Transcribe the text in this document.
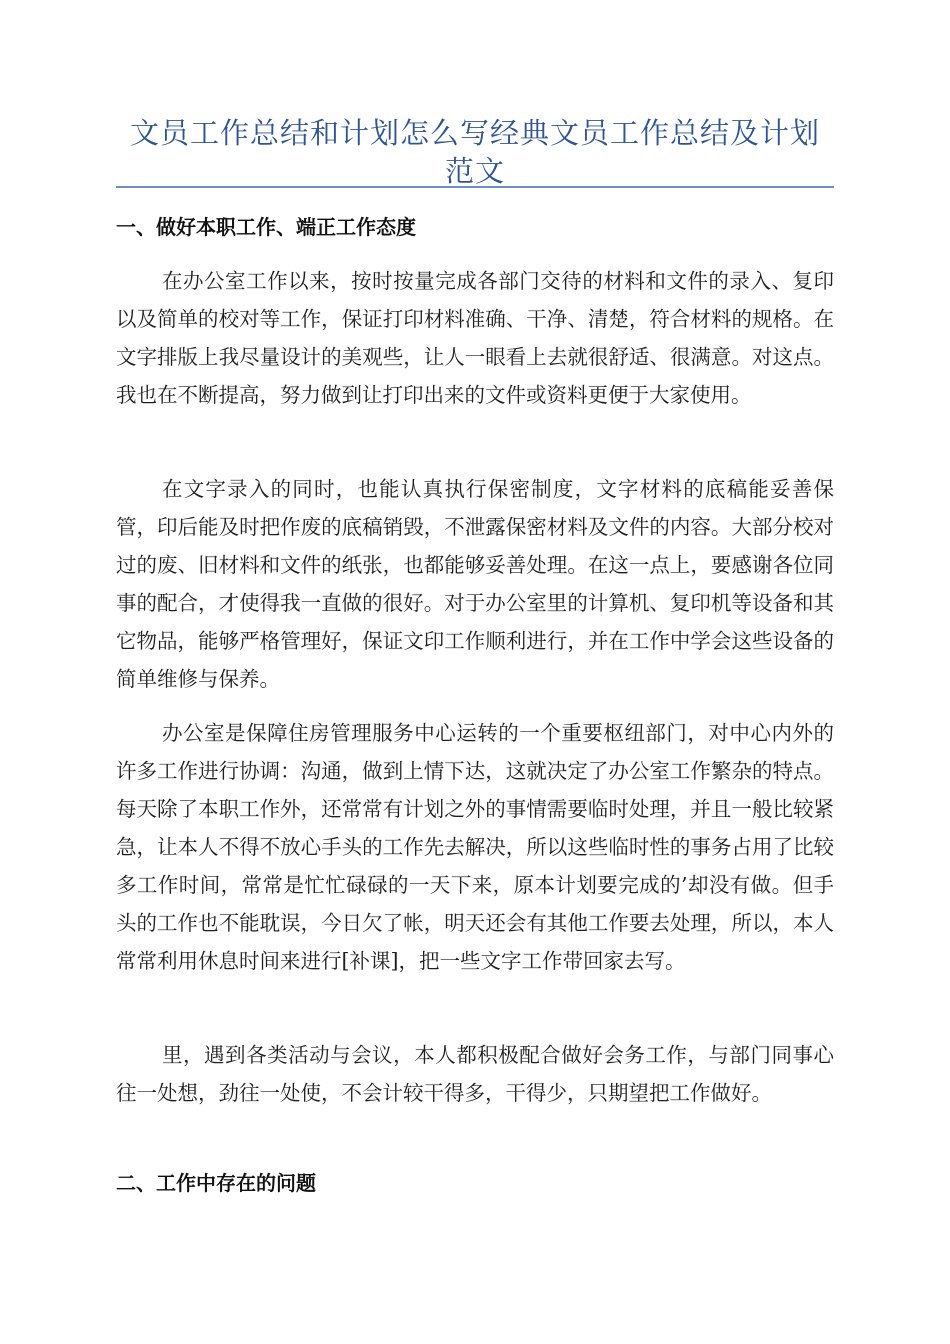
文员工作总结和计划怎么写经典文员工作总结及计划范文
一、做好本职工作、端正工作态度

在办公室工作以来，按时按量完成各部门交待的材料和文件的录入、复印以及简单的校对等工作，保证打印材料准确、干净、清楚，符合材料的规格。在文字排版上我尽量设计的美观些，让人一眼看上去就很舒适、很满意。对这点。我也在不断提高，努力做到让打印出来的文件或资料更便于大家使用。

在文字录入的同时，也能认真执行保密制度，文字材料的底稿能妥善保管，印后能及时把作废的底稿销毁，不泄露保密材料及文件的内容。大部分校对过的废、旧材料和文件的纸张，也都能够妥善处理。在这一点上，要感谢各位同事的配合，才使得我一直做的很好。对于办公室里的计算机、复印机等设备和其它物品，能够严格管理好，保证文印工作顺利进行，并在工作中学会这些设备的简单维修与保养。

办公室是保障住房管理服务中心运转的一个重要枢纽部门，对中心内外的许多工作进行协调：沟通，做到上情下达，这就决定了办公室工作繁杂的特点。每天除了本职工作外，还常常有计划之外的事情需要临时处理，并且一般比较紧急，让本人不得不放心手头的工作先去解决，所以这些临时性的事务占用了比较多工作时间，常常是忙忙碌碌的一天下来，原本计划要完成的’却没有做。但手头的工作也不能耽误，今日欠了帐，明天还会有其他工作要去处理，所以，本人常常利用休息时间来进行[补课]，把一些文字工作带回家去写。

里，遇到各类活动与会议，本人都积极配合做好会务工作，与部门同事心往一处想，劲往一处使，不会计较干得多，干得少，只期望把工作做好。

二、工作中存在的问题
